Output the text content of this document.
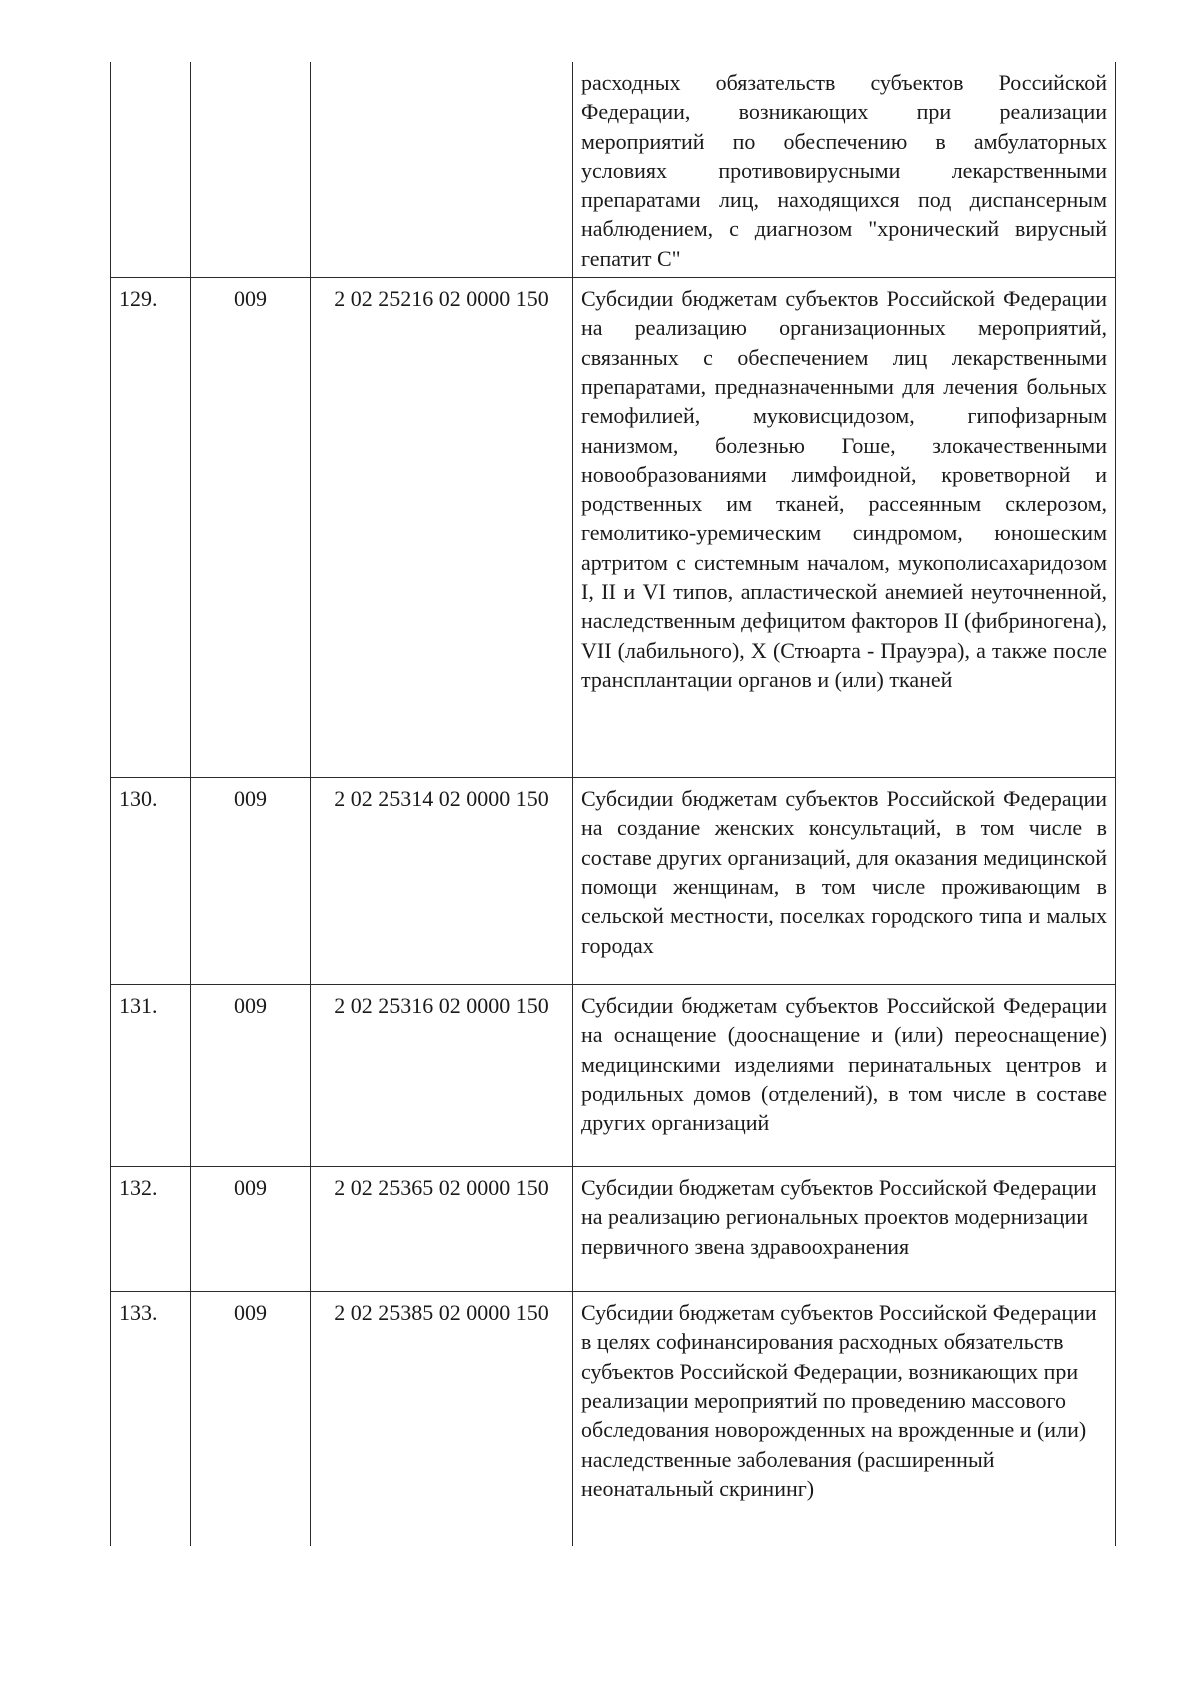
			расходных обязательств субъектов Российской Федерации, возникающих при реализации мероприятий по обеспечению в амбулаторных условиях противовирусными лекарственными препаратами лиц, находящихся под диспансерным наблюдением, с диагнозом "хронический вирусный гепатит С"

129.	009	2 02 25216 02 0000 150	Субсидии бюджетам субъектов Российской Федерации на реализацию организационных мероприятий, связанных с обеспечением лиц лекарственными препаратами, предназначенными для лечения больных гемофилией, муковисцидозом, гипофизарным нанизмом, болезнью Гоше, злокачественными новообразованиями лимфоидной, кроветворной и родственных им тканей, рассеянным склерозом, гемолитико-уремическим синдромом, юношеским артритом с системным началом, мукополисахаридозом I, II и VI типов, апластической анемией неуточненной, наследственным дефицитом факторов II (фибриногена), VII (лабильного), X (Стюарта - Прауэра), а также после трансплантации органов и (или) тканей
130.	009	2 02 25314 02 0000 150	Субсидии бюджетам субъектов Российской Федерации на создание женских консультаций, в том числе в составе других организаций, для оказания медицинской помощи женщинам, в том числе проживающим в сельской местности, поселках городского типа и малых городах
131.	009	2 02 25316 02 0000 150	Субсидии бюджетам субъектов Российской Федерации на оснащение (дооснащение и (или) переоснащение) медицинскими изделиями перинатальных центров и родильных домов (отделений), в том числе в составе других организаций
132.	009	2 02 25365 02 0000 150	Субсидии бюджетам субъектов Российской Федерации на реализацию региональных проектов модернизации первичного звена здравоохранения
133.	009	2 02 25385 02 0000 150	Субсидии бюджетам субъектов Российской Федерации в целях софинансирования расходных обязательств субъектов Российской Федерации, возникающих при реализации мероприятий по проведению массового обследования новорожденных на врожденные и (или) наследственные заболевания (расширенный неонатальный скрининг)
